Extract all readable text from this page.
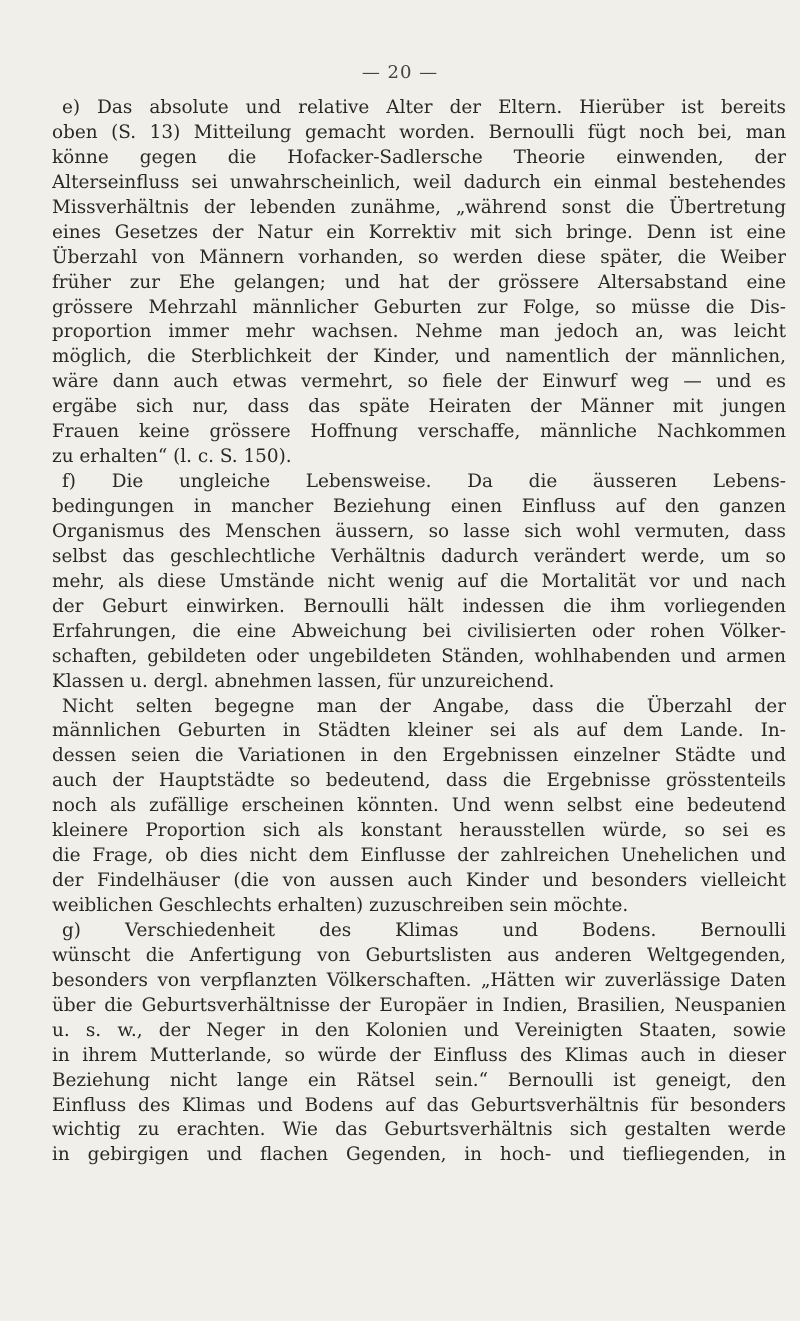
— 20 —
e) Das absolute und relative Alter der Eltern. Hierüber ist bereits
oben (S. 13) Mitteilung gemacht worden. Bernoulli fügt noch bei, man
könne gegen die Hofacker-Sadlersche Theorie einwenden, der
Alterseinfluss sei unwahrscheinlich, weil dadurch ein einmal bestehendes
Missverhältnis der lebenden zunähme, „während sonst die Übertretung
eines Gesetzes der Natur ein Korrektiv mit sich bringe. Denn ist eine
Überzahl von Männern vorhanden, so werden diese später, die Weiber
früher zur Ehe gelangen; und hat der grössere Altersabstand eine
grössere Mehrzahl männlicher Geburten zur Folge, so müsse die Dis-
proportion immer mehr wachsen. Nehme man jedoch an, was leicht
möglich, die Sterblichkeit der Kinder, und namentlich der männlichen,
wäre dann auch etwas vermehrt, so fiele der Einwurf weg — und es
ergäbe sich nur, dass das späte Heiraten der Männer mit jungen
Frauen keine grössere Hoffnung verschaffe, männliche Nachkommen
zu erhalten“ (l. c. S. 150).
f) Die ungleiche Lebensweise. Da die äusseren Lebens-
bedingungen in mancher Beziehung einen Einfluss auf den ganzen
Organismus des Menschen äussern, so lasse sich wohl vermuten, dass
selbst das geschlechtliche Verhältnis dadurch verändert werde, um so
mehr, als diese Umstände nicht wenig auf die Mortalität vor und nach
der Geburt einwirken. Bernoulli hält indessen die ihm vorliegenden
Erfahrungen, die eine Abweichung bei civilisierten oder rohen Völker-
schaften, gebildeten oder ungebildeten Ständen, wohlhabenden und armen
Klassen u. dergl. abnehmen lassen, für unzureichend.
Nicht selten begegne man der Angabe, dass die Überzahl der
männlichen Geburten in Städten kleiner sei als auf dem Lande. In-
dessen seien die Variationen in den Ergebnissen einzelner Städte und
auch der Hauptstädte so bedeutend, dass die Ergebnisse grösstenteils
noch als zufällige erscheinen könnten. Und wenn selbst eine bedeutend
kleinere Proportion sich als konstant herausstellen würde, so sei es
die Frage, ob dies nicht dem Einflusse der zahlreichen Unehelichen und
der Findelhäuser (die von aussen auch Kinder und besonders vielleicht
weiblichen Geschlechts erhalten) zuzuschreiben sein möchte.
g) Verschiedenheit des Klimas und Bodens. Bernoulli
wünscht die Anfertigung von Geburtslisten aus anderen Weltgegenden,
besonders von verpflanzten Völkerschaften. „Hätten wir zuverlässige Daten
über die Geburtsverhältnisse der Europäer in Indien, Brasilien, Neuspanien
u. s. w., der Neger in den Kolonien und Vereinigten Staaten, sowie
in ihrem Mutterlande, so würde der Einfluss des Klimas auch in dieser
Beziehung nicht lange ein Rätsel sein.“ Bernoulli ist geneigt, den
Einfluss des Klimas und Bodens auf das Geburtsverhältnis für besonders
wichtig zu erachten. Wie das Geburtsverhältnis sich gestalten werde
in gebirgigen und flachen Gegenden, in hoch- und tiefliegenden, in
